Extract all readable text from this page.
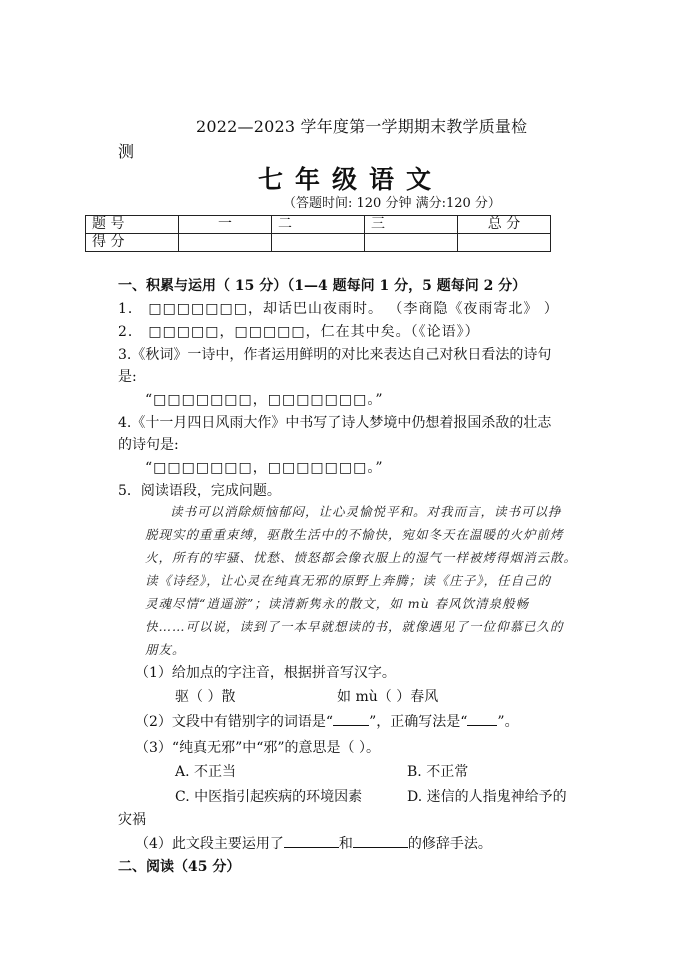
2022—2023 学年度第一学期期末教学质量检
测
七年级语文
（答题时间: 120 分钟 满分:120 分）
题 号	一	二	三	总 分
得 分				
一、积累与运用（ 15 分）（1—4 题每问 1 分，5 题每问 2 分）
1． □□□□□□□，却话巴山夜雨时。 （李商隐《夜雨寄北》 ）
2． □□□□□，□□□□□，仁在其中矣。（《论语》）
3.《秋词》一诗中，作者运用鲜明的对比来表达自己对秋日看法的诗句
是:
“□□□□□□□，□□□□□□□。”
4.《十一月四日风雨大作》中书写了诗人梦境中仍想着报国杀敌的壮志
的诗句是:
“□□□□□□□，□□□□□□□。”
5．阅读语段，完成问题。
读书可以消除烦恼郁闷，让心灵愉悦平和。对我而言，读书可以挣
脱现实的重重束缚，驱散生活中的不愉快，宛如冬天在温暖的火炉前烤
火，所有的牢骚、忧愁、愤怒都会像衣服上的湿气一样被烤得烟消云散。
读《诗经》，让心灵在纯真无邪的原野上奔腾；读《庄子》，任自己的
灵魂尽情“逍遥游”；读清新隽永的散文，如 mù 春风饮清泉般畅
快……可以说，读到了一本早就想读的书，就像遇见了一位仰慕已久的
朋友。
（1）给加点的字注音，根据拼音写汉字。
驱（ ）散	如 mù（ ）春风
（2）文段中有错别字的词语是“	”，正确写法是“ ”。
（3）“纯真无邪”中“邪”的意思是（ ）。
A. 不正当	B. 不正常
C. 中医指引起疾病的环境因素	D. 迷信的人指鬼神给予的
灾祸
（4）此文段主要运用了	和	的修辞手法。
二、阅读（45 分）
